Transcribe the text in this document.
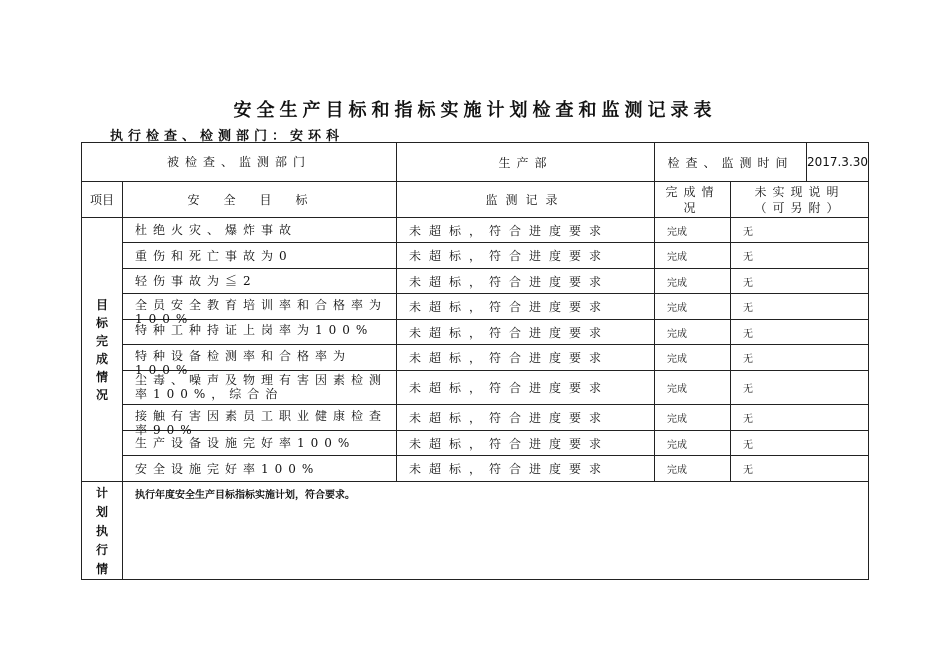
安全生产目标和指标实施计划检查和监测记录表
执行检查、检测部门：安环科
被检查、监测部门		生产部	检查、监测时间 2017.3.30	

项目	安全目标	监测记录	完成情况	未实现说明（可另附）
目标完成情况	杜绝火灾、爆炸事故	未超标，符合进度要求	完成	无
	重伤和死亡事故为0	未超标，符合进度要求	完成	无
	轻伤事故为≦2	未超标，符合进度要求	完成	无

	全员安全教育培训率和合格率为100%	未超标，符合进度要求	完成	无

	特种工种持证上岗率为100%	未超标，符合进度要求	完成	无

	特种设备检测率和合格率为100%	未超标，符合进度要求	完成	无

	尘毒、噪声及物理有害因素检测率100%，综合治	未超标，符合进度要求	完成	无

	接触有害因素员工职业健康检查率90%	未超标，符合进度要求	完成	无
	生产设备设施完好率100%	未超标，符合进度要求	完成	无
	安全设施完好率100%	未超标，符合进度要求	完成	无
计划执行情	执行年度安全生产目标指标实施计划，符合要求。			
